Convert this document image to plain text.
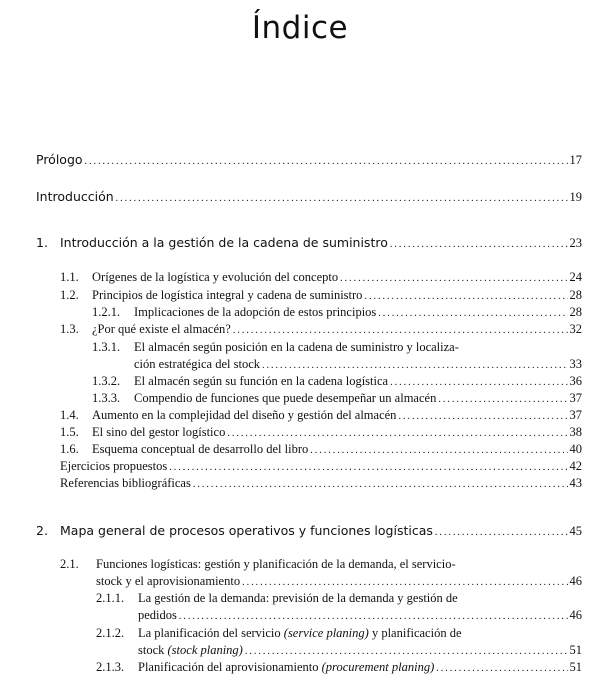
Índice
Prólogo .....	17
Introducción .....	19
1. Introducción a la gestión de la cadena de suministro .....	23
1.1.	Orígenes de la logística y evolución del concepto .....	24
1.2.	Principios de logística integral y cadena de suministro .....	28
1.2.1.	Implicaciones de la adopción de estos principios .....	28
1.3.	¿Por qué existe el almacén? .....	32
1.3.1. El almacén según posición en la cadena de suministro y localiza-
ción estratégica del stock .....	33
1.3.2.	El almacén según su función en la cadena logística .....	36
1.3.3.	Compendio de funciones que puede desempeñar un almacén .....	37
1.4.	Aumento en la complejidad del diseño y gestión del almacén .....	37
1.5.	El sino del gestor logístico .....	38
1.6.	Esquema conceptual de desarrollo del libro .....	40
Ejercicios propuestos .....	42
Referencias bibliográficas .....	43
2. Mapa general de procesos operativos y funciones logísticas .....	45
2.1. Funciones logísticas: gestión y planificación de la demanda, el servicio-
stock y el aprovisionamiento .....	46
2.1.1. La gestión de la demanda: previsión de la demanda y gestión de
pedidos .....	46
2.1.2. La planificación del servicio (service planing) y planificación de
stock (stock planing) .....	51
2.1.3.	Planificación del aprovisionamiento (procurement planing) .....	51
